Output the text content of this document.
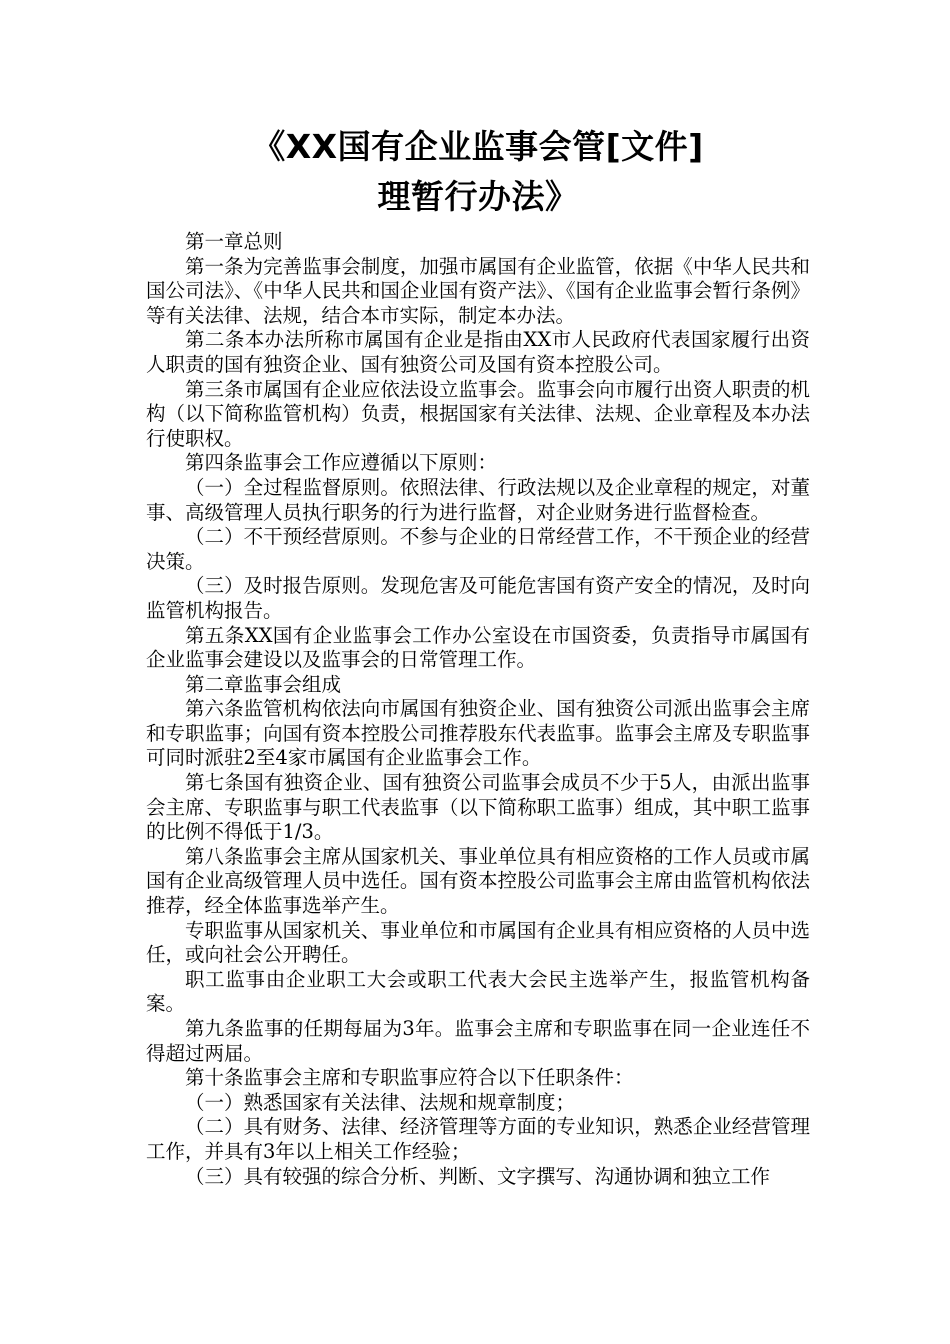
《XX国有企业监事会管[文件]
理暂行办法》

第一章总则

第一条为完善监事会制度，加强市属国有企业监管，依据《中华人民共和国公司法》、《中华人民共和国企业国有资产法》、《国有企业监事会暂行条例》等有关法律、法规，结合本市实际，制定本办法。

第二条本办法所称市属国有企业是指由XX市人民政府代表国家履行出资人职责的国有独资企业、国有独资公司及国有资本控股公司。

第三条市属国有企业应依法设立监事会。监事会向市履行出资人职责的机构（以下简称监管机构）负责，根据国家有关法律、法规、企业章程及本办法行使职权。

第四条监事会工作应遵循以下原则：

（一）全过程监督原则。依照法律、行政法规以及企业章程的规定，对董事、高级管理人员执行职务的行为进行监督，对企业财务进行监督检查。

（二）不干预经营原则。不参与企业的日常经营工作，不干预企业的经营决策。

（三）及时报告原则。发现危害及可能危害国有资产安全的情况，及时向监管机构报告。

第五条XX国有企业监事会工作办公室设在市国资委，负责指导市属国有企业监事会建设以及监事会的日常管理工作。

第二章监事会组成

第六条监管机构依法向市属国有独资企业、国有独资公司派出监事会主席和专职监事；向国有资本控股公司推荐股东代表监事。监事会主席及专职监事可同时派驻2至4家市属国有企业监事会工作。

第七条国有独资企业、国有独资公司监事会成员不少于5人，由派出监事会主席、专职监事与职工代表监事（以下简称职工监事）组成，其中职工监事的比例不得低于1/3。

第八条监事会主席从国家机关、事业单位具有相应资格的工作人员或市属国有企业高级管理人员中选任。国有资本控股公司监事会主席由监管机构依法推荐，经全体监事选举产生。

专职监事从国家机关、事业单位和市属国有企业具有相应资格的人员中选任，或向社会公开聘任。

职工监事由企业职工大会或职工代表大会民主选举产生，报监管机构备案。

第九条监事的任期每届为3年。监事会主席和专职监事在同一企业连任不得超过两届。

第十条监事会主席和专职监事应符合以下任职条件：

（一）熟悉国家有关法律、法规和规章制度；

（二）具有财务、法律、经济管理等方面的专业知识，熟悉企业经营管理工作，并具有3年以上相关工作经验；

（三）具有较强的综合分析、判断、文字撰写、沟通协调和独立工作
